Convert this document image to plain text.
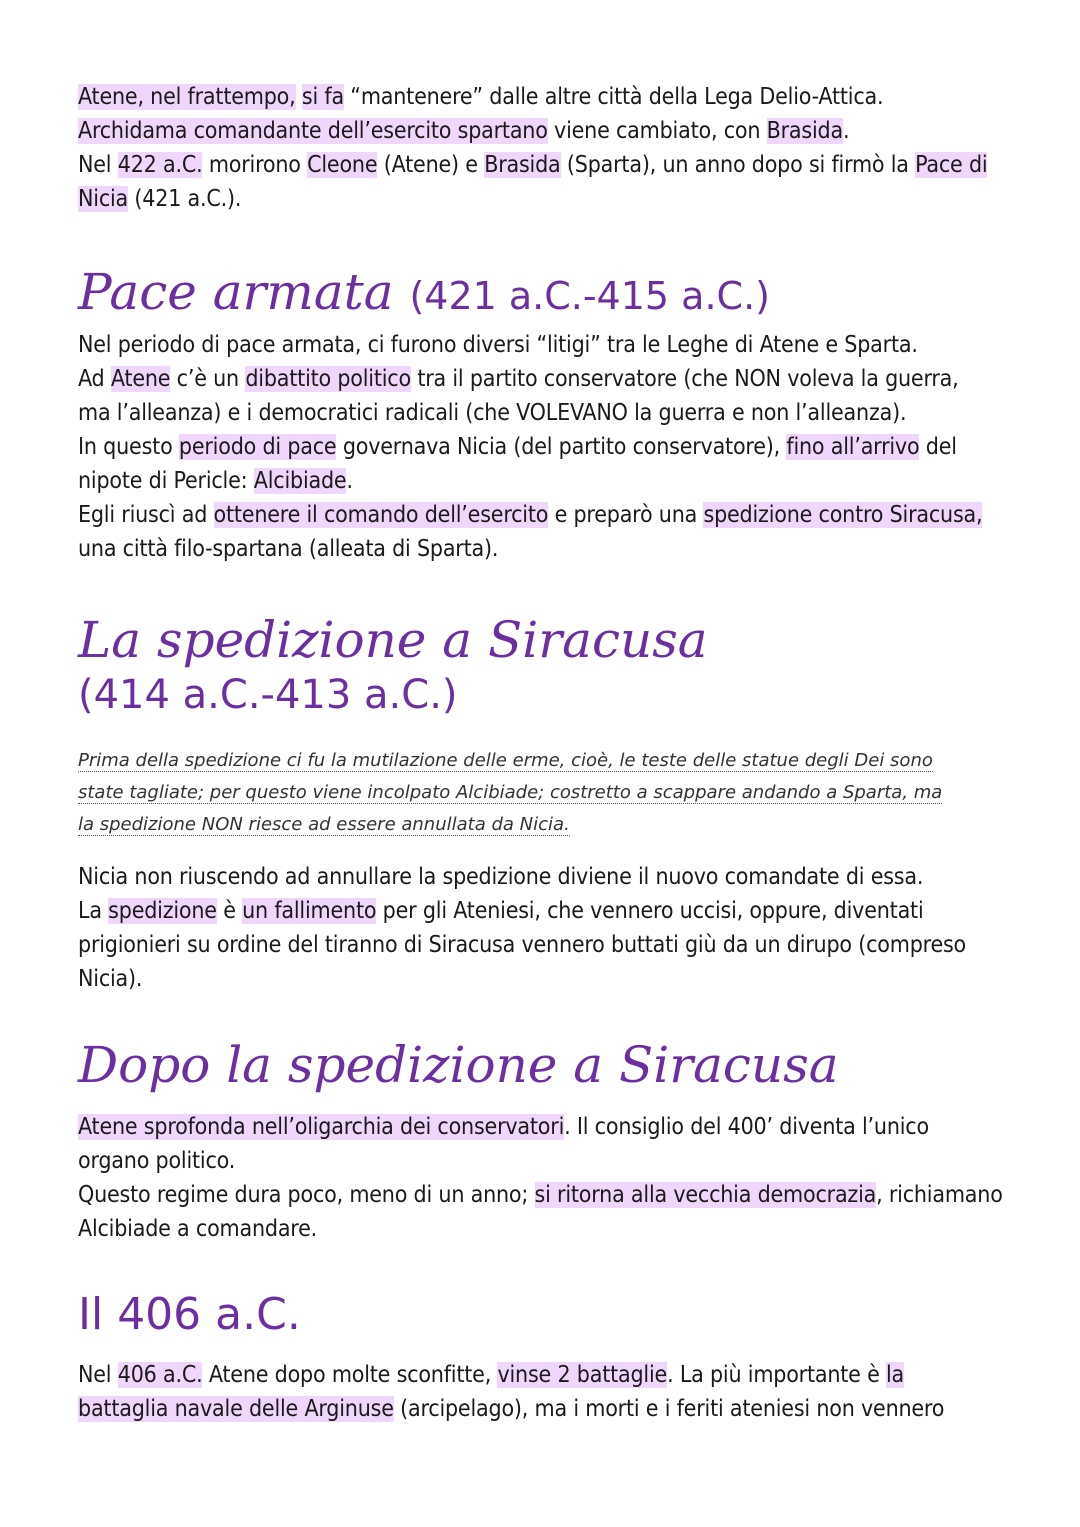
Atene, nel frattempo, si fa “mantenere” dalle altre città della Lega Delio-Attica.
Archidama comandante dell’esercito spartano viene cambiato, con Brasida.
Nel 422 a.C. morirono Cleone (Atene) e Brasida (Sparta), un anno dopo si firmò la Pace di
Nicia (421 a.C.).

Pace armata (421 a.C.-415 a.C.)

Nel periodo di pace armata, ci furono diversi “litigi” tra le Leghe di Atene e Sparta.
Ad Atene c’è un dibattito politico tra il partito conservatore (che NON voleva la guerra,
ma l’alleanza) e i democratici radicali (che VOLEVANO la guerra e non l’alleanza).
In questo periodo di pace governava Nicia (del partito conservatore), fino all’arrivo del
nipote di Pericle: Alcibiade.
Egli riuscì ad ottenere il comando dell’esercito e preparò una spedizione contro Siracusa,
una città filo-spartana (alleata di Sparta).

La spedizione a Siracusa

(414 a.C.-413 a.C.)

Prima della spedizione ci fu la mutilazione delle erme, cioè, le teste delle statue degli Dei sono
state tagliate; per questo viene incolpato Alcibiade; costretto a scappare andando a Sparta, ma
la spedizione NON riesce ad essere annullata da Nicia.

Nicia non riuscendo ad annullare la spedizione diviene il nuovo comandate di essa.
La spedizione è un fallimento per gli Ateniesi, che vennero uccisi, oppure, diventati
prigionieri su ordine del tiranno di Siracusa vennero buttati giù da un dirupo (compreso
Nicia).

Dopo la spedizione a Siracusa

Atene sprofonda nell’oligarchia dei conservatori. Il consiglio del 400’ diventa l’unico
organo politico.
Questo regime dura poco, meno di un anno; si ritorna alla vecchia democrazia, richiamano
Alcibiade a comandare.

Il 406 a.C.

Nel 406 a.C. Atene dopo molte sconfitte, vinse 2 battaglie. La più importante è la
battaglia navale delle Arginuse (arcipelago), ma i morti e i feriti ateniesi non vennero
